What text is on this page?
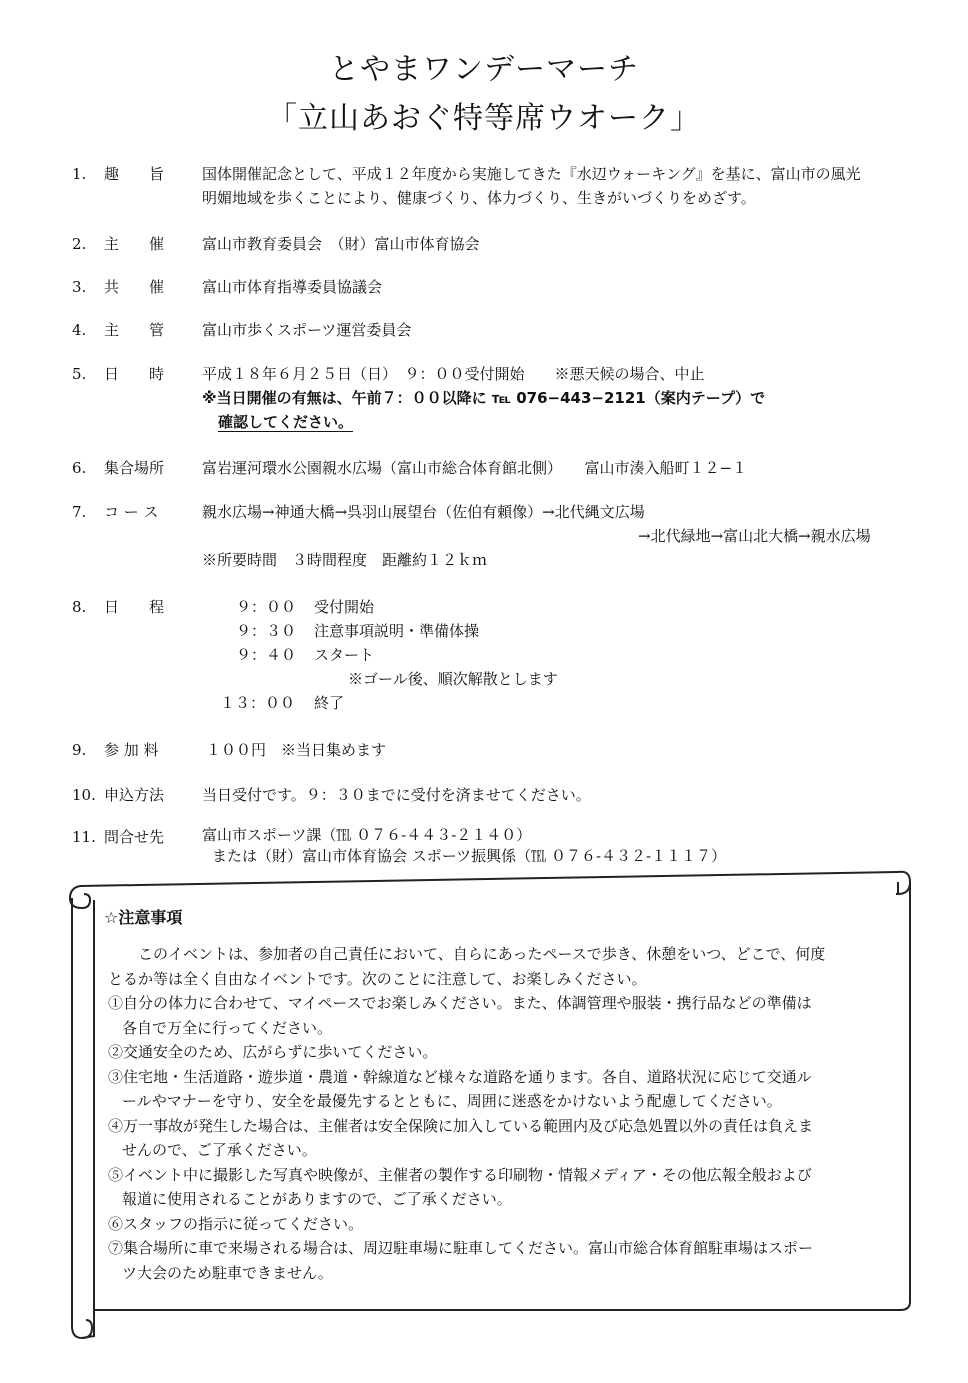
とやまワンデーマーチ
「立山あおぐ特等席ウオーク」
1.	趣　　旨	国体開催記念として、平成１２年度から実施してきた『水辺ウォーキング』を基に、富山市の風光
明媚地域を歩くことにより、健康づくり、体力づくり、生きがいづくりをめざす。
2.	主　　催	富山市教育委員会　（財）富山市体育協会
3.	共　　催	富山市体育指導委員協議会
4.	主　　管	富山市歩くスポーツ運営委員会
5.	日　　時	平成１８年６月２５日（日）　９：００受付開始　　※悪天候の場合、中止
※当日開催の有無は、午前７：００以降に ℡ 076−443−2121（案内テープ）で
確認してください。
6.	集合場所	富岩運河環水公園親水広場（富山市総合体育館北側）　　富山市湊入船町１２−１
7.	コ ー ス	親水広場→神通大橋→呉羽山展望台（佐伯有頼像）→北代縄文広場
→北代緑地→富山北大橋→親水広場
※所要時間　３時間程度　距離約１２ｋｍ
8.	日　　程	９：００ 受付開始
９：３０ 注意事項説明・準備体操
９：４０ スタート
※ゴール後、順次解散とします
１３：００ 終了
9.	参 加 料	１００円　※当日集めます
10. 申込方法	当日受付です。９：３０までに受付を済ませてください。
11. 問合せ先	富山市スポーツ課（℡ ０７６-４４３-２１４０）
または（財）富山市体育協会 スポーツ振興係（℡ ０７６-４３２-１１１７）
☆注意事項
このイベントは、参加者の自己責任において、自らにあったペースで歩き、休憩をいつ、どこで、何度
とるか等は全く自由なイベントです。次のことに注意して、お楽しみください。
①自分の体力に合わせて、マイペースでお楽しみください。また、体調管理や服装・携行品などの準備は
各自で万全に行ってください。
②交通安全のため、広がらずに歩いてください。
③住宅地・生活道路・遊歩道・農道・幹線道など様々な道路を通ります。各自、道路状況に応じて交通ル
ールやマナーを守り、安全を最優先するとともに、周囲に迷惑をかけないよう配慮してください。
④万一事故が発生した場合は、主催者は安全保険に加入している範囲内及び応急処置以外の責任は負えま
せんので、ご了承ください。
⑤イベント中に撮影した写真や映像が、主催者の製作する印刷物・情報メディア・その他広報全般および
報道に使用されることがありますので、ご了承ください。
⑥スタッフの指示に従ってください。
⑦集合場所に車で来場される場合は、周辺駐車場に駐車してください。富山市総合体育館駐車場はスポー
ツ大会のため駐車できません。
